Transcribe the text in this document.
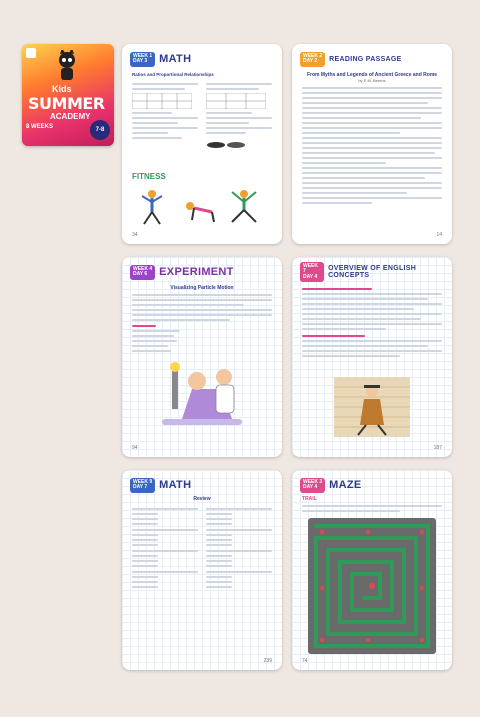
Kids
SUMMER
ACADEMY
8 WEEKS	7-8
WEEK 1
DAY 3	MATH
Ratios and Proportional Relationships
FITNESS
34
WEEK 2
DAY 2	READING PASSAGE
From Myths and Legends of Ancient Greece and Rome
by E.M. Berens
14
WEEK 4
DAY 6	EXPERIMENT
Visualizing Particle Motion
94
WEEK 7
DAY 4
OVERVIEW OF ENGLISH CONCEPTS
187
WEEK 9
DAY 7	MATH
Review
239
WEEK 3
DAY 4	MAZE
TRAIL
74
